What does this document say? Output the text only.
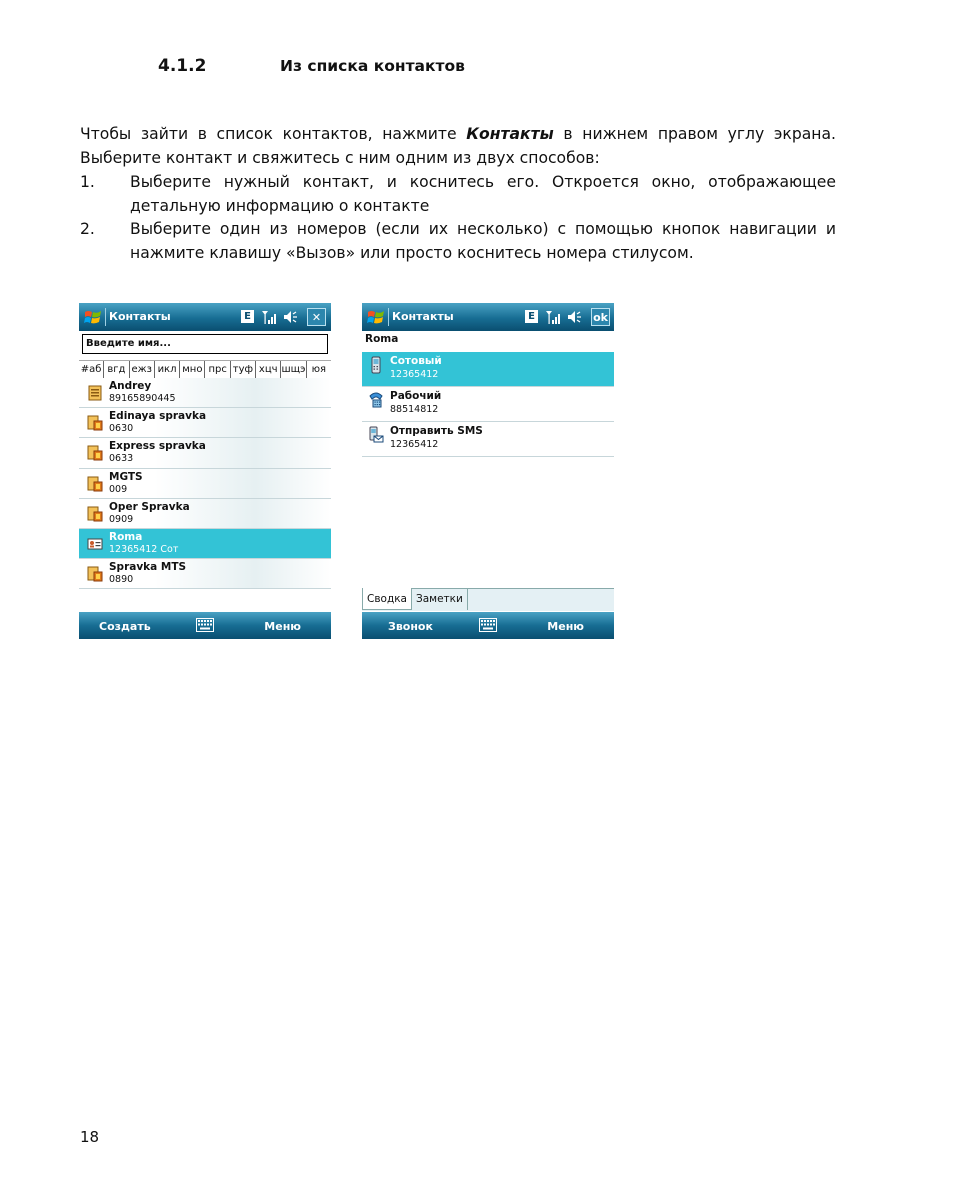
4.1.2	Из списка контактов
Чтобы зайти в список контактов, нажмите Контакты в нижнем правом углу экрана. Выберите контакт и свяжитесь с ним одним из двух способов:
1. Выберите нужный контакт, и коснитесь его. Откроется окно, отображающее детальную информацию о контакте
2. Выберите один из номеров (если их несколько) с помощью кнопок навигации и нажмите клавишу «Вызов» или просто коснитесь номера стилусом.
Контакты	E	✕
Введите имя...
#аб вгд ежз икл мно прс туф хцч шщэ юя
Andrey
89165890445
Edinaya spravka
0630
Express spravka
0633
MGTS
009
Oper Spravka
0909
Roma
12365412 Сот
Spravka MTS
0890
Создать	Меню
Контакты	E	ok
Roma
Сотовый
12365412
Рабочий
88514812
Отправить SMS
12365412
Сводка Заметки
Звонок	Меню
18
